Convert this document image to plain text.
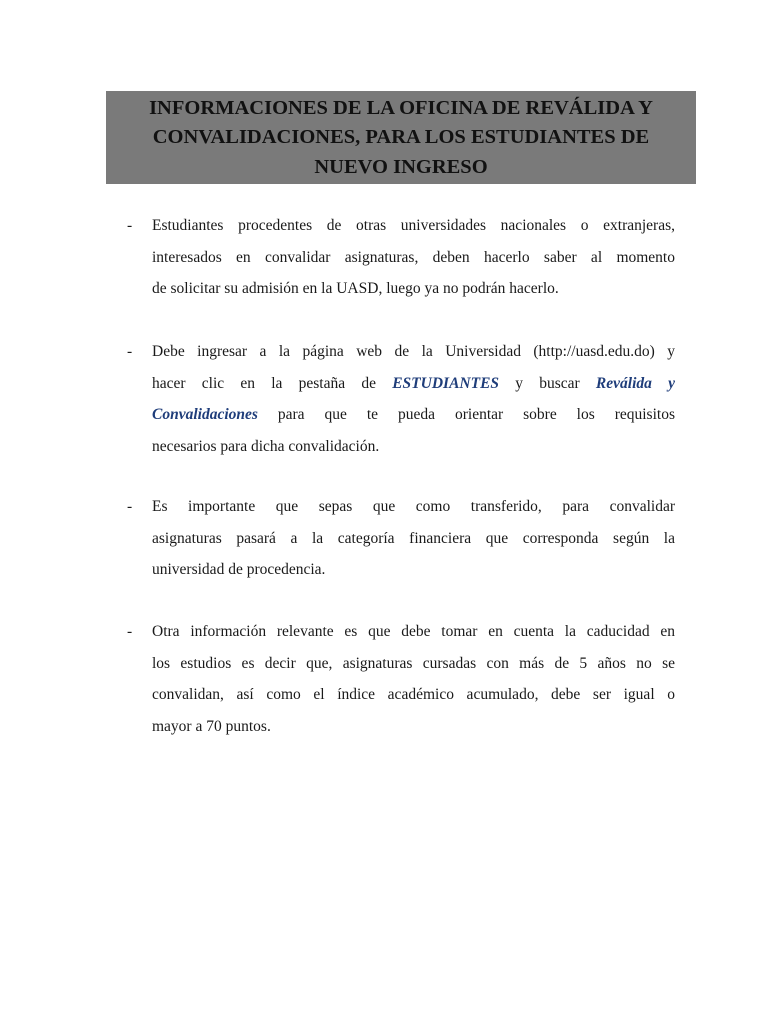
INFORMACIONES DE LA OFICINA DE REVÁLIDA Y
CONVALIDACIONES, PARA LOS ESTUDIANTES DE
NUEVO INGRESO
- Estudiantes procedentes de otras universidades nacionales o extranjeras,
interesados en convalidar asignaturas, deben hacerlo saber al momento
de solicitar su admisión en la UASD, luego ya no podrán hacerlo.
- Debe ingresar a la página web de la Universidad (http://uasd.edu.do) y
hacer clic en la pestaña de ESTUDIANTES y buscar Reválida y
Convalidaciones para que te pueda orientar sobre los requisitos
necesarios para dicha convalidación.
- Es importante que sepas que como transferido, para convalidar
asignaturas pasará a la categoría financiera que corresponda según la
universidad de procedencia.
- Otra información relevante es que debe tomar en cuenta la caducidad en
los estudios es decir que, asignaturas cursadas con más de 5 años no se
convalidan, así como el índice académico acumulado, debe ser igual o
mayor a 70 puntos.
